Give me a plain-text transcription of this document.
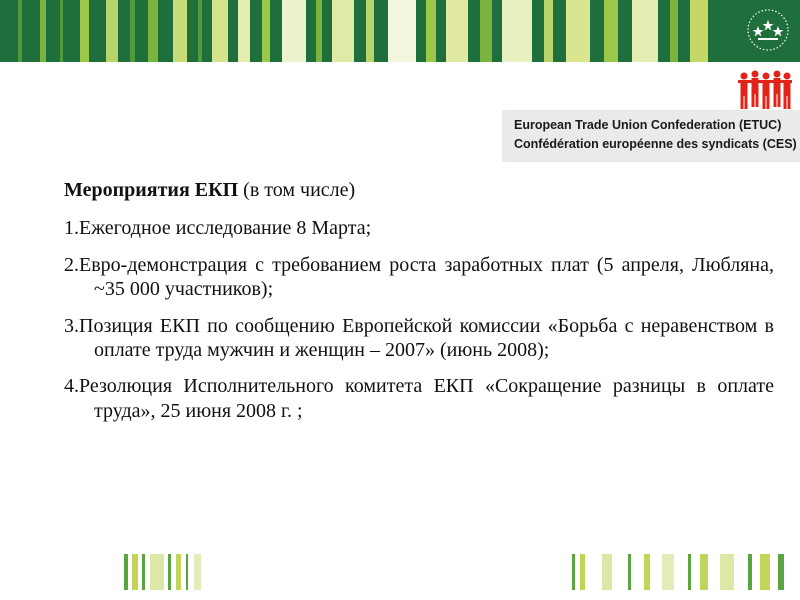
European Trade Union Confederation (ETUC)
Confédération européenne des syndicats (CES)

Мероприятия ЕКП (в том числе)

1.Ежегодное исследование 8 Марта;

2.Евро-демонстрация с требованием роста заработных плат (5 апреля, Любляна, ~35 000 участников);

3.Позиция ЕКП по сообщению Европейской комиссии «Борьба с неравенством в оплате труда мужчин и женщин – 2007» (июнь 2008);

4.Резолюция Исполнительного комитета ЕКП «Сокращение разницы в оплате труда», 25 июня 2008 г. ;
